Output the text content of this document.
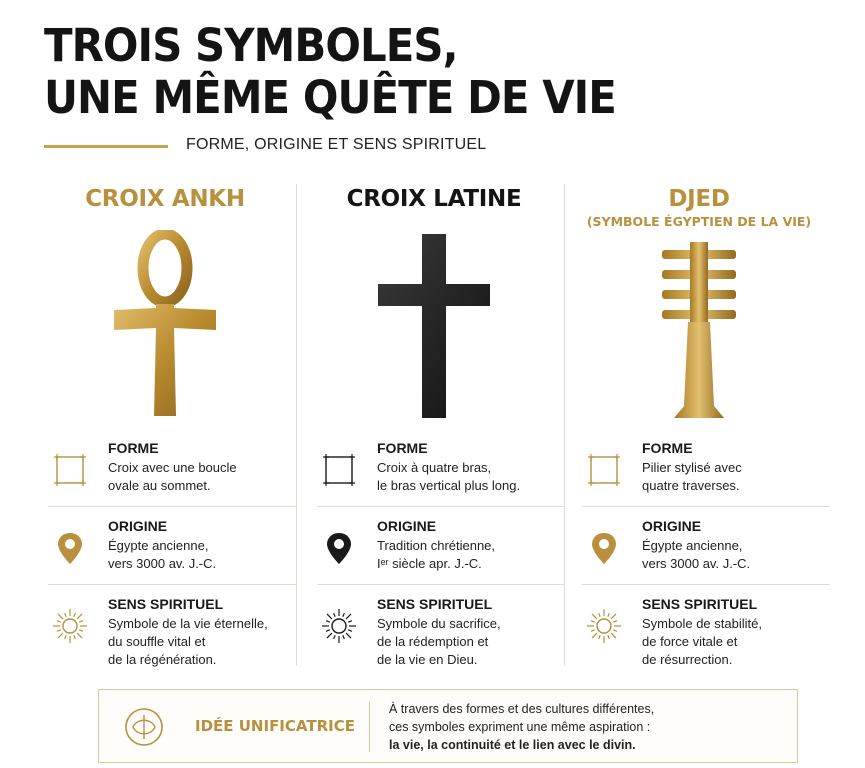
TROIS SYMBOLES,
UNE MÊME QUÊTE DE VIE
FORME, ORIGINE ET SENS SPIRITUEL
CROIX ANKH	CROIX LATINE	DJED
(SYMBOLE ÉGYPTIEN DE LA VIE)
FORME
Croix avec une boucle
ovale au sommet.
ORIGINE
Égypte ancienne,
vers 3000 av. J.-C.
SENS SPIRITUEL
Symbole de la vie éternelle,
du souffle vital et
de la régénération.
FORME
Croix à quatre bras,
le bras vertical plus long.
ORIGINE
Tradition chrétienne,
Iᵉʳ siècle apr. J.-C.
SENS SPIRITUEL
Symbole du sacrifice,
de la rédemption et
de la vie en Dieu.
FORME
Pilier stylisé avec
quatre traverses.
ORIGINE
Égypte ancienne,
vers 3000 av. J.-C.
SENS SPIRITUEL
Symbole de stabilité,
de force vitale et
de résurrection.
IDÉE UNIFICATRICE
À travers des formes et des cultures différentes,
ces symboles expriment une même aspiration :
la vie, la continuité et le lien avec le divin.
